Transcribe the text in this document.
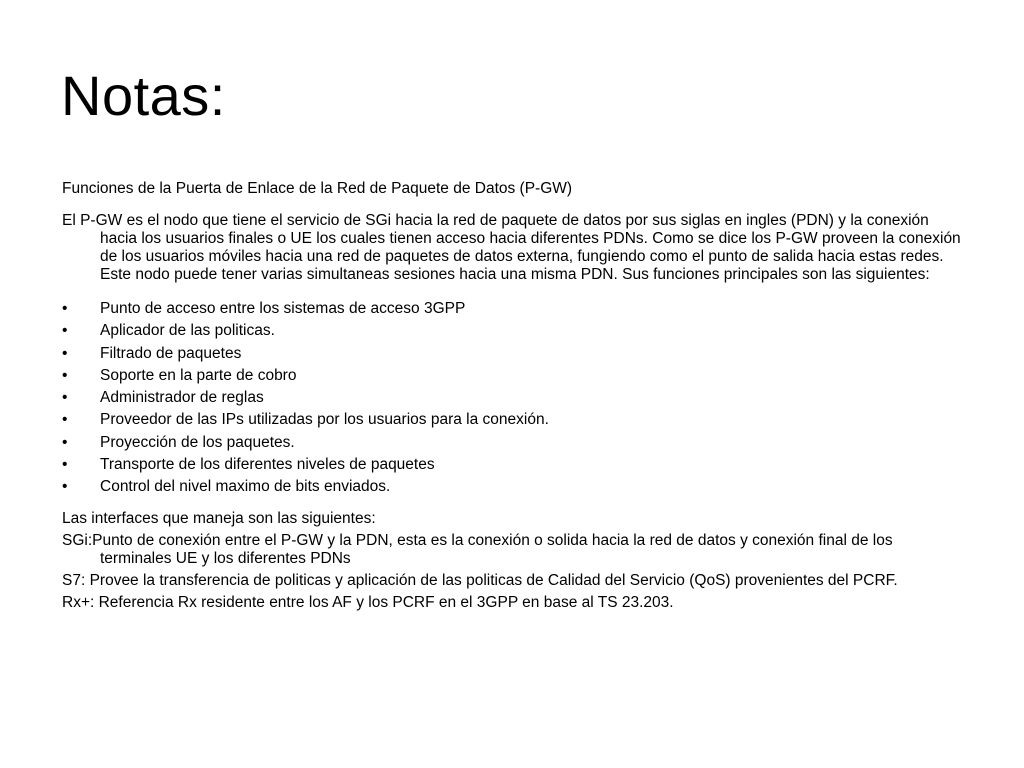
Notas:

Funciones de la Puerta de Enlace de la Red de Paquete de Datos (P-GW)

El P-GW es el nodo que tiene el servicio de SGi hacia la red de paquete de datos por sus siglas en ingles (PDN) y la conexión hacia los usuarios finales o UE los cuales tienen acceso hacia diferentes PDNs. Como se dice los P-GW proveen la conexión de los usuarios móviles hacia una red de paquetes de datos externa, fungiendo como el punto de salida hacia estas redes. Este nodo puede tener varias simultaneas sesiones hacia una misma PDN. Sus funciones principales son las siguientes:

•	Punto de acceso entre los sistemas de acceso 3GPP
•	Aplicador de las politicas.
•	Filtrado de paquetes
•	Soporte en la parte de cobro
•	Administrador de reglas
•	Proveedor de las IPs utilizadas por los usuarios para la conexión.
•	Proyección de los paquetes.
•	Transporte de los diferentes niveles de paquetes
•	Control del nivel maximo de bits enviados.

Las interfaces que maneja son las siguientes:

SGi:Punto de conexión entre el P-GW y la PDN, esta es la conexión o solida hacia la red de datos y conexión final de los terminales UE y los diferentes PDNs

S7: Provee la transferencia de politicas y aplicación de las politicas de Calidad del Servicio (QoS) provenientes del PCRF.

Rx+: Referencia Rx residente entre los AF y los PCRF en el 3GPP en base al TS 23.203.
